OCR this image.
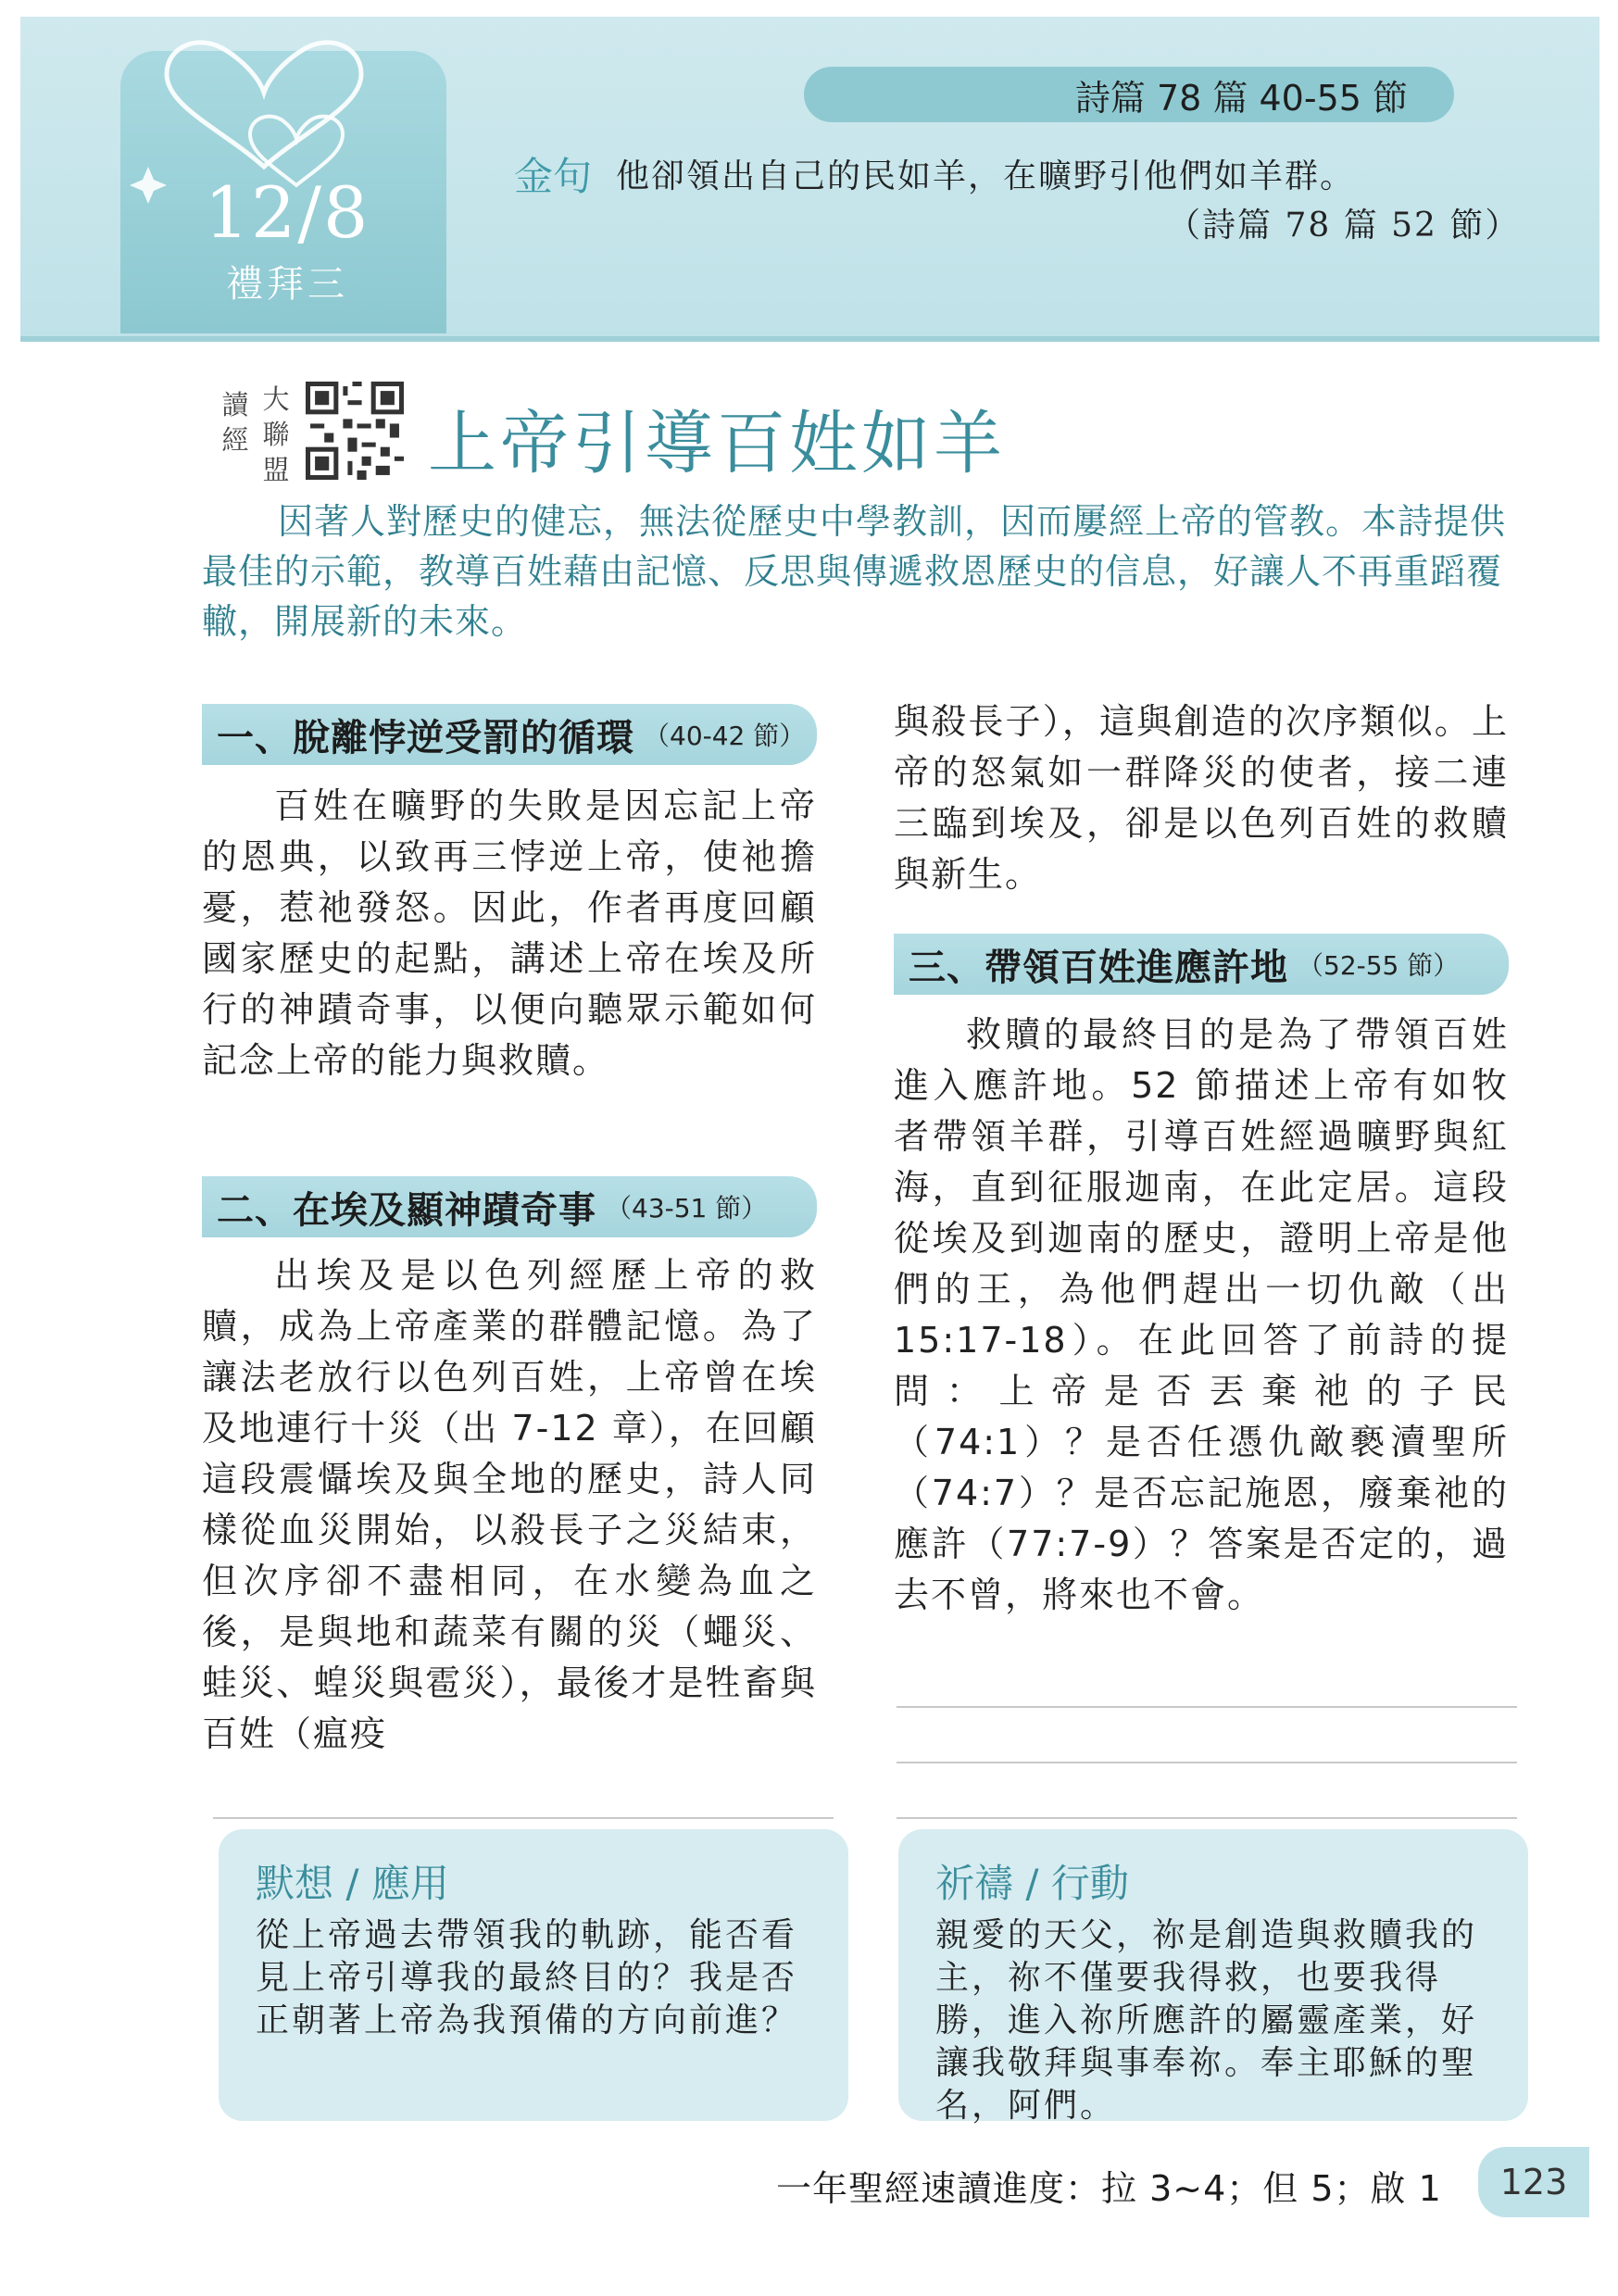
12/8
禮拜三
詩篇 78 篇 40-55 節
金句 他卻領出自己的民如羊，在曠野引他們如羊群。
（詩篇 78 篇 52 節）
讀經
大聯盟 上帝引導百姓如羊
因著人對歷史的健忘，無法從歷史中學教訓，因而屢經上帝的管教。本詩提供最佳的示範，教導百姓藉由記憶、反思與傳遞救恩歷史的信息，好讓人不再重蹈覆轍，開展新的未來。
一、脫離悖逆受罰的循環 （40-42 節）
百姓在曠野的失敗是因忘記上帝的恩典，以致再三悖逆上帝，使祂擔憂，惹祂發怒。因此，作者再度回顧國家歷史的起點，講述上帝在埃及所行的神蹟奇事，以便向聽眾示範如何記念上帝的能力與救贖。
二、在埃及顯神蹟奇事 （43-51 節）
出埃及是以色列經歷上帝的救贖，成為上帝產業的群體記憶。為了讓法老放行以色列百姓，上帝曾在埃及地連行十災（出 7-12 章），在回顧這段震懾埃及與全地的歷史，詩人同樣從血災開始，以殺長子之災結束，但次序卻不盡相同，在水變為血之後，是與地和蔬菜有關的災（蠅災、蛙災、蝗災與雹災），最後才是牲畜與百姓（瘟疫
與殺長子），這與創造的次序類似。上帝的怒氣如一群降災的使者，接二連三臨到埃及，卻是以色列百姓的救贖與新生。
三、帶領百姓進應許地 （52-55 節）
救贖的最終目的是為了帶領百姓進入應許地。52 節描述上帝有如牧者帶領羊群，引導百姓經過曠野與紅海，直到征服迦南，在此定居。這段從埃及到迦南的歷史，證明上帝是他們的王，為他們趕出一切仇敵（出 15:17-18）。在此回答了前詩的提問：上帝是否丟棄祂的子民（74:1）？是否任憑仇敵褻瀆聖所（74:7）？是否忘記施恩，廢棄祂的應許（77:7-9）？答案是否定的，過去不曾，將來也不會。
默想 / 應用
從上帝過去帶領我的軌跡，能否看見上帝引導我的最終目的？我是否正朝著上帝為我預備的方向前進？
祈禱 / 行動
親愛的天父，祢是創造與救贖我的主，祢不僅要我得救，也要我得勝，進入祢所應許的屬靈產業，好讓我敬拜與事奉祢。奉主耶穌的聖名，阿們。
一年聖經速讀進度：拉 3~4；但 5；啟 1	123
